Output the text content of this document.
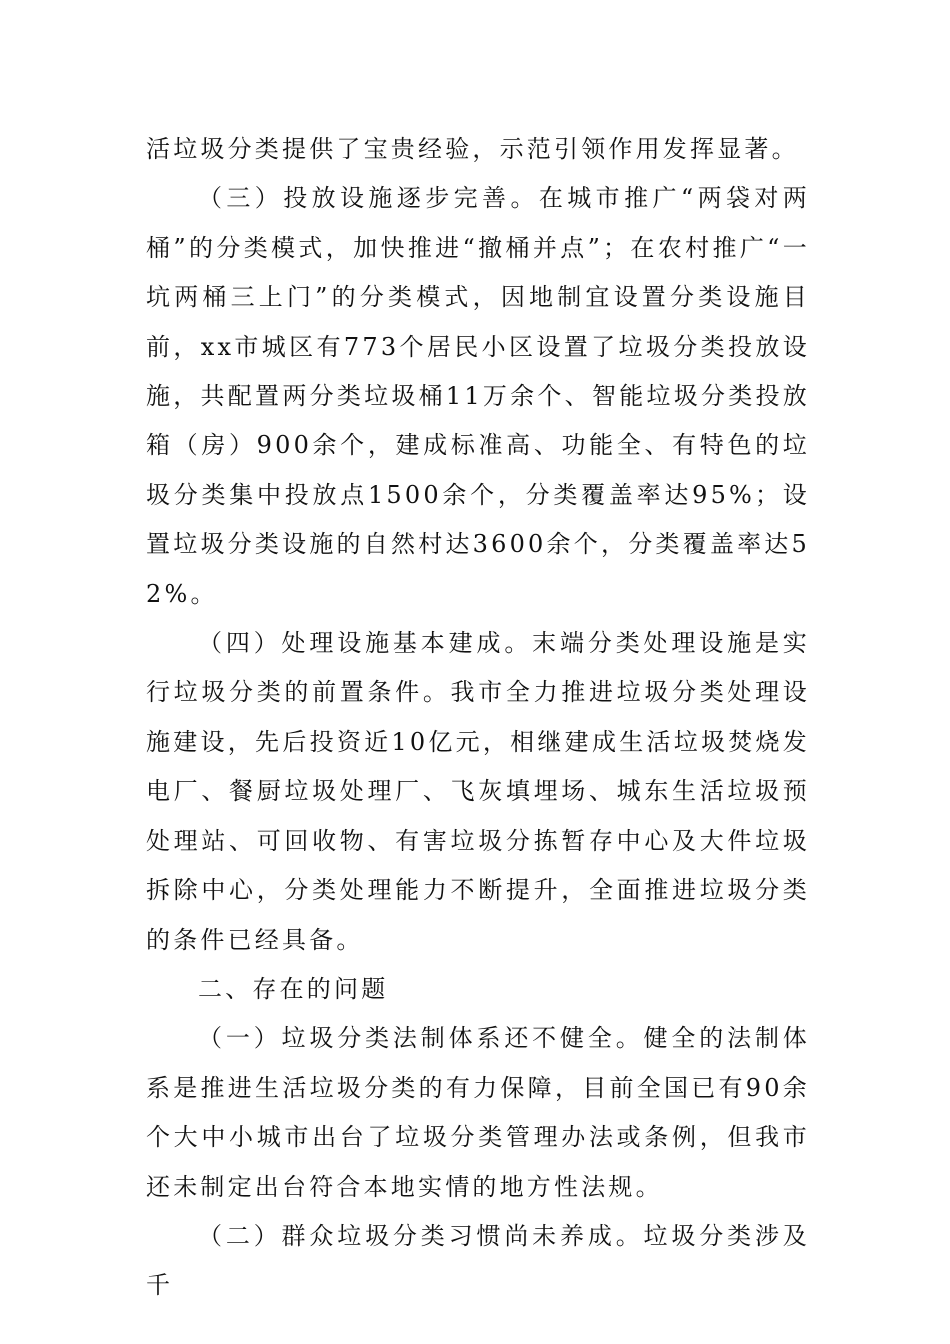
活垃圾分类提供了宝贵经验，示范引领作用发挥显著。

（三）投放设施逐步完善。在城市推广“两袋对两桶”的分类模式，加快推进“撤桶并点”；在农村推广“一坑两桶三上门”的分类模式，因地制宜设置分类设施目前，xx市城区有773个居民小区设置了垃圾分类投放设施，共配置两分类垃圾桶11万余个、智能垃圾分类投放箱（房）900余个，建成标准高、功能全、有特色的垃圾分类集中投放点1500余个，分类覆盖率达95%；设置垃圾分类设施的自然村达3600余个，分类覆盖率达52%。

（四）处理设施基本建成。末端分类处理设施是实行垃圾分类的前置条件。我市全力推进垃圾分类处理设施建设，先后投资近10亿元，相继建成生活垃圾焚烧发电厂、餐厨垃圾处理厂、飞灰填埋场、城东生活垃圾预处理站、可回收物、有害垃圾分拣暂存中心及大件垃圾拆除中心，分类处理能力不断提升，全面推进垃圾分类的条件已经具备。

二、存在的问题

（一）垃圾分类法制体系还不健全。健全的法制体系是推进生活垃圾分类的有力保障，目前全国已有90余个大中小城市出台了垃圾分类管理办法或条例，但我市还未制定出台符合本地实情的地方性法规。

（二）群众垃圾分类习惯尚未养成。垃圾分类涉及千
